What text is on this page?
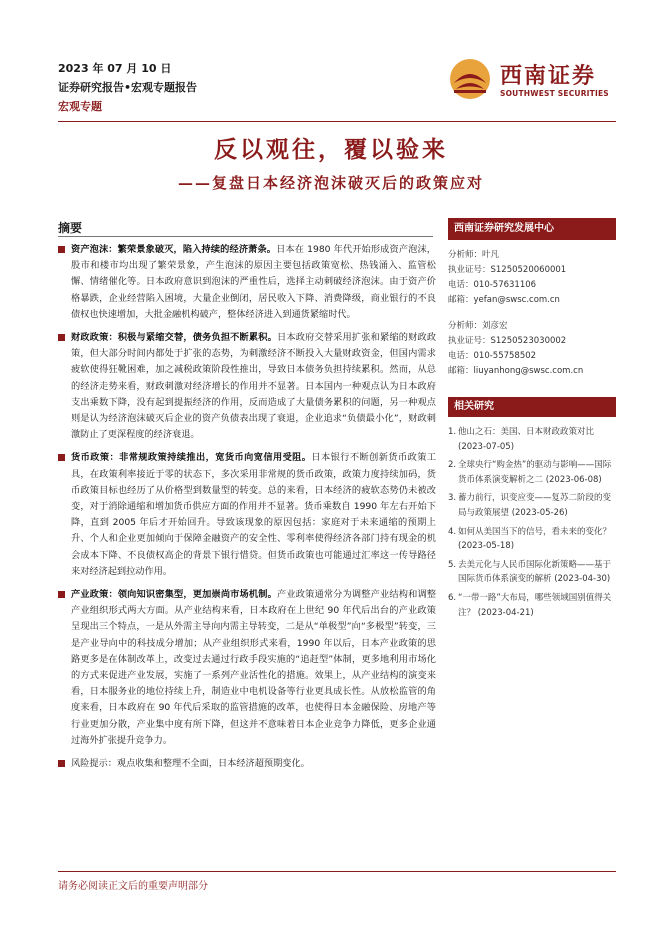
2023 年 07 月 10 日
证券研究报告•宏观专题报告
宏观专题
西南证券
SOUTHWEST SECURITIES
反以观往，覆以验来
——复盘日本经济泡沫破灭后的政策应对
摘要
资产泡沫：繁荣景象破灭，陷入持续的经济萧条。日本在 1980 年代开始形成资产泡沫，股市和楼市均出现了繁荣景象，产生泡沫的原因主要包括政策宽松、热钱涌入、监管松懈、情绪催化等。日本政府意识到泡沫的严重性后，选择主动刺破经济泡沫。由于资产价格暴跌，企业经营陷入困境，大量企业倒闭，居民收入下降、消费降级，商业银行的不良债权也快速增加，大批金融机构破产，整体经济进入到通货紧缩时代。
财政政策：积极与紧缩交替，债务负担不断累积。日本政府交替采用扩张和紧缩的财政政策，但大部分时间内都处于扩张的态势，为刺激经济不断投入大量财政资金，但国内需求疲软使得狂靴困难，加之减税政策阶段性推出，导致日本债务负担持续累积。然而，从总的经济走势来看，财政刺激对经济增长的作用并不显著。日本国内一种观点认为日本政府支出乘数下降，没有起到提振经济的作用，反而造成了大量债务累积的问题，另一种观点则是认为经济泡沫破灭后企业的资产负债表出现了衰退，企业追求“负债最小化”，财政刺激防止了更深程度的经济衰退。
货币政策：非常规政策持续推出，宽货币向宽信用受阻。日本银行不断创新货币政策工具，在政策利率接近于零的状态下，多次采用非常规的货币政策，政策力度持续加码，货币政策目标也经历了从价格型到数量型的转变。总的来看，日本经济的疲软态势仍未被改变，对于消除通缩和增加货币供应方面的作用并不显著。货币乘数自 1990 年左右开始下降，直到 2005 年后才开始回升。导致该现象的原因包括：家庭对于未来通缩的预期上升、个人和企业更加倾向于保障金融资产的安全性、零利率使得经济各部门持有现金的机会成本下降、不良债权高企的背景下银行惜贷。但货币政策也可能通过汇率这一传导路径来对经济起到拉动作用。
产业政策：领向知识密集型，更加崇尚市场机制。产业政策通常分为调整产业结构和调整产业组织形式两大方面。从产业结构来看，日本政府在上世纪 90 年代后出台的产业政策呈现出三个特点，一是从外需主导向内需主导转变，二是从“单极型”向“多极型”转变，三是产业导向中的科技成分增加；从产业组织形式来看，1990 年以后，日本产业政策的思路更多是在体制改革上，改变过去通过行政手段实施的“追赶型”体制，更多地利用市场化的方式来促进产业发展，实施了一系列产业活性化的措施。效果上，从产业结构的演变来看，日本服务业的地位持续上升，制造业中电机设备等行业更具成长性。从放松监管的角度来看，日本政府在 90 年代后采取的监管措施的改革，也使得日本金融保险、房地产等行业更加分散，产业集中度有所下降，但这并不意味着日本企业竞争力降低，更多企业通过海外扩张提升竞争力。
风险提示：观点收集和整理不全面，日本经济超预期变化。
西南证券研究发展中心
分析师：叶凡
执业证号：S1250520060001
电话：010-57631106
邮箱：yefan@swsc.com.cn
分析师：刘彦宏
执业证号：S1250523030002
电话：010-55758502
邮箱：liuyanhong@swsc.com.cn
相关研究
1. 他山之石：美国、日本财政政策对比 (2023-07-05)
2. 全球央行“购金热”的驱动与影响——国际货币体系演变解析之二 (2023-06-08)
3. 蓄力前行，识变应变——复苏二阶段的变局与政策展望 (2023-05-26)
4. 如何从美国当下的信号，看未来的变化？ (2023-05-18)
5. 去美元化与人民币国际化新策略——基于国际货币体系演变的解析 (2023-04-30)
6. “一带一路”大布局，哪些领域国别值得关注？ (2023-04-21)
请务必阅读正文后的重要声明部分
